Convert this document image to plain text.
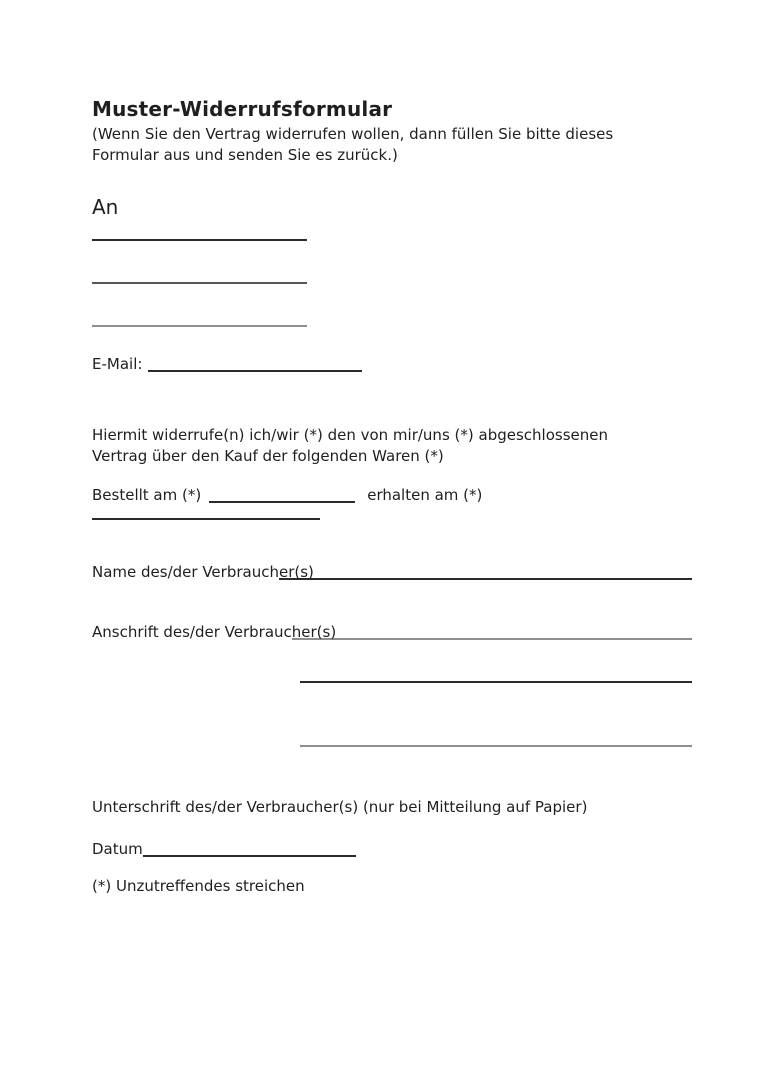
Muster-Widerrufsformular
(Wenn Sie den Vertrag widerrufen wollen, dann füllen Sie bitte dieses
Formular aus und senden Sie es zurück.)
An
E-Mail:
Hiermit widerrufe(n) ich/wir (*) den von mir/uns (*) abgeschlossenen
Vertrag über den Kauf der folgenden Waren (*)
Bestellt am (*)	erhalten am (*)
Name des/der Verbrauch er(s)
​
Anschrift des/der Verbrauc her(s)
​
Unterschrift des/der Verbraucher(s) (nur bei Mitteilung auf Papier)
Datum
(*) Unzutreffendes streichen
